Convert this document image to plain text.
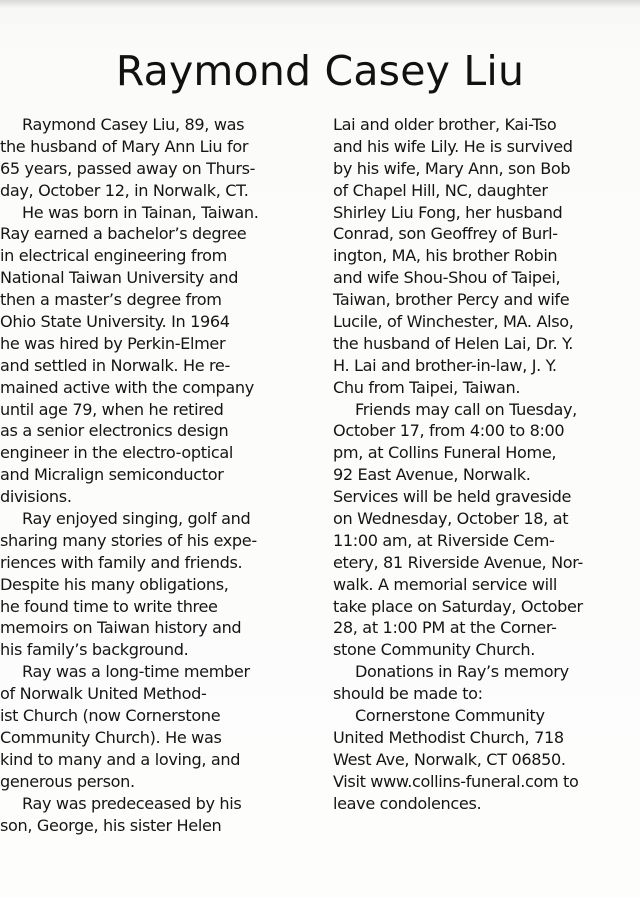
Raymond Casey Liu
Raymond Casey Liu, 89, was
the husband of Mary Ann Liu for
65 years, passed away on Thurs-
day, October 12, in Norwalk, CT.
He was born in Tainan, Taiwan.
Ray earned a bachelor’s degree
in electrical engineering from
National Taiwan University and
then a master’s degree from
Ohio State University. In 1964
he was hired by Perkin-Elmer
and settled in Norwalk. He re-
mained active with the company
until age 79, when he retired
as a senior electronics design
engineer in the electro-optical
and Micralign semiconductor
divisions.
Ray enjoyed singing, golf and
sharing many stories of his expe-
riences with family and friends.
Despite his many obligations,
he found time to write three
memoirs on Taiwan history and
his family’s background.
Ray was a long-time member
of Norwalk United Method-
ist Church (now Cornerstone
Community Church). He was
kind to many and a loving, and
generous person.
Ray was predeceased by his
son, George, his sister Helen
Lai and older brother, Kai-Tso
and his wife Lily. He is survived
by his wife, Mary Ann, son Bob
of Chapel Hill, NC, daughter
Shirley Liu Fong, her husband
Conrad, son Geoffrey of Burl-
ington, MA, his brother Robin
and wife Shou-Shou of Taipei,
Taiwan, brother Percy and wife
Lucile, of Winchester, MA. Also,
the husband of Helen Lai, Dr. Y.
H. Lai and brother-in-law, J. Y.
Chu from Taipei, Taiwan.
Friends may call on Tuesday,
October 17, from 4:00 to 8:00
pm, at Collins Funeral Home,
92 East Avenue, Norwalk.
Services will be held graveside
on Wednesday, October 18, at
11:00 am, at Riverside Cem-
etery, 81 Riverside Avenue, Nor-
walk. A memorial service will
take place on Saturday, October
28, at 1:00 PM at the Corner-
stone Community Church.
Donations in Ray’s memory
should be made to:
Cornerstone Community
United Methodist Church, 718
West Ave, Norwalk, CT 06850.
Visit www.collins-funeral.com to
leave condolences.
